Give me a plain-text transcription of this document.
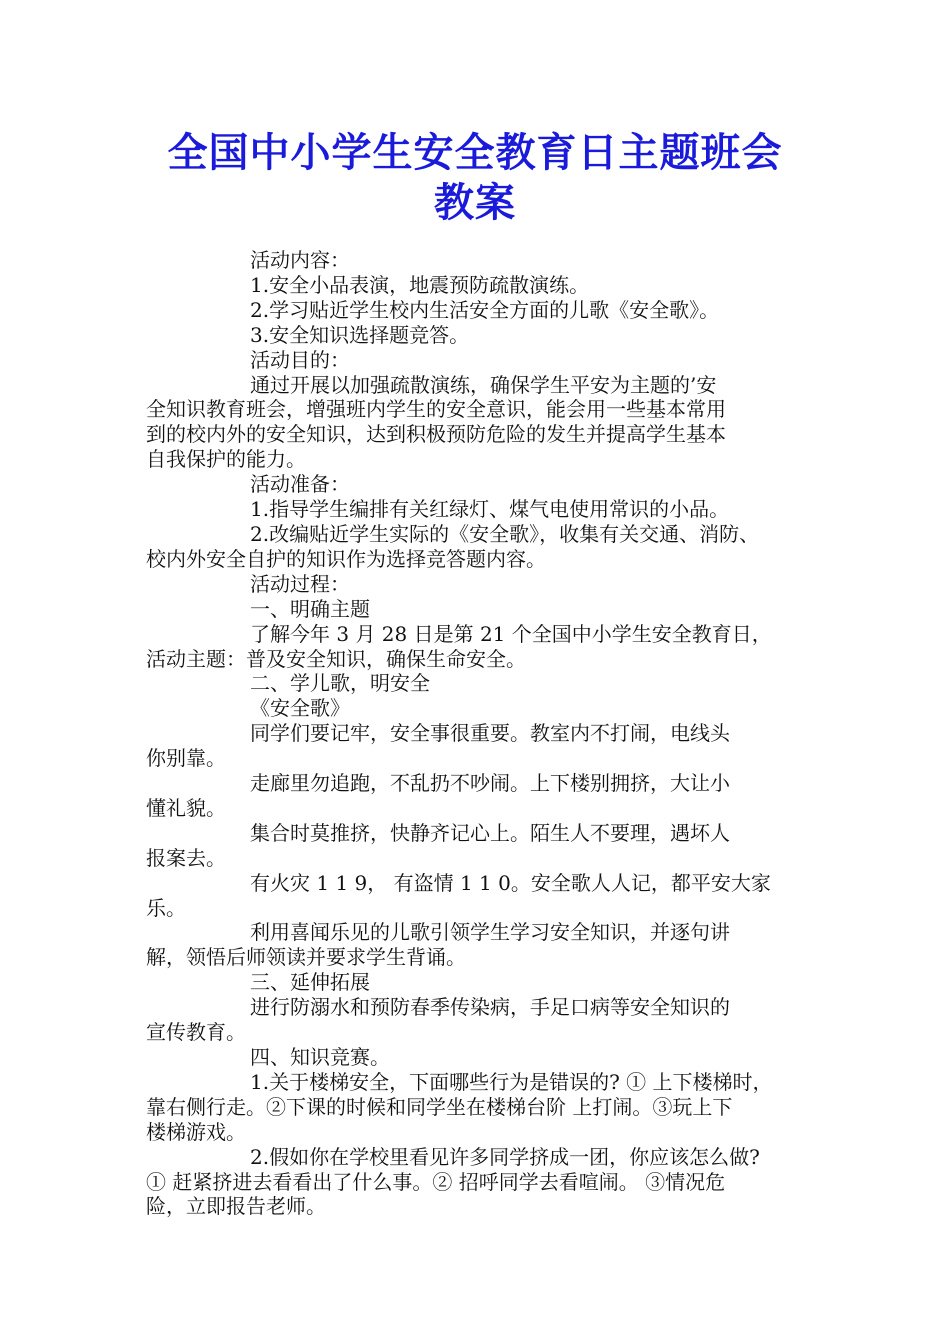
全国中小学生安全教育日主题班会
教案

活动内容：

1.安全小品表演，地震预防疏散演练。

2.学习贴近学生校内生活安全方面的儿歌《安全歌》。

3.安全知识选择题竞答。

活动目的：

通过开展以加强疏散演练，确保学生平安为主题的’安

全知识教育班会，增强班内学生的安全意识，能会用一些基本常用

到的校内外的安全知识，达到积极预防危险的发生并提高学生基本

自我保护的能力。

活动准备：

1.指导学生编排有关红绿灯、煤气电使用常识的小品。

2.改编贴近学生实际的《安全歌》，收集有关交通、消防、

校内外安全自护的知识作为选择竞答题内容。

活动过程：

一、明确主题

了解今年 3 月 28 日是第 21 个全国中小学生安全教育日，

活动主题：普及安全知识，确保生命安全。

二、学儿歌，明安全

《安全歌》

同学们要记牢，安全事很重要。教室内不打闹，电线头

你别靠。

走廊里勿追跑，不乱扔不吵闹。上下楼别拥挤，大让小

懂礼貌。

集合时莫推挤，快静齐记心上。陌生人不要理，遇坏人

报案去。

有火灾 1 1 9， 有盗情 1 1 0。安全歌人人记，都平安大家

乐。

利用喜闻乐见的儿歌引领学生学习安全知识，并逐句讲

解，领悟后师领读并要求学生背诵。

三、延伸拓展

进行防溺水和预防春季传染病，手足口病等安全知识的

宣传教育。

四、知识竞赛。

1.关于楼梯安全，下面哪些行为是错误的? ① 上下楼梯时，

靠右侧行走。②下课的时候和同学坐在楼梯台阶 上打闹。③玩上下

楼梯游戏。

2.假如你在学校里看见许多同学挤成一团，你应该怎么做?

① 赶紧挤进去看看出了什么事。② 招呼同学去看喧闹。 ③情况危

险，立即报告老师。
